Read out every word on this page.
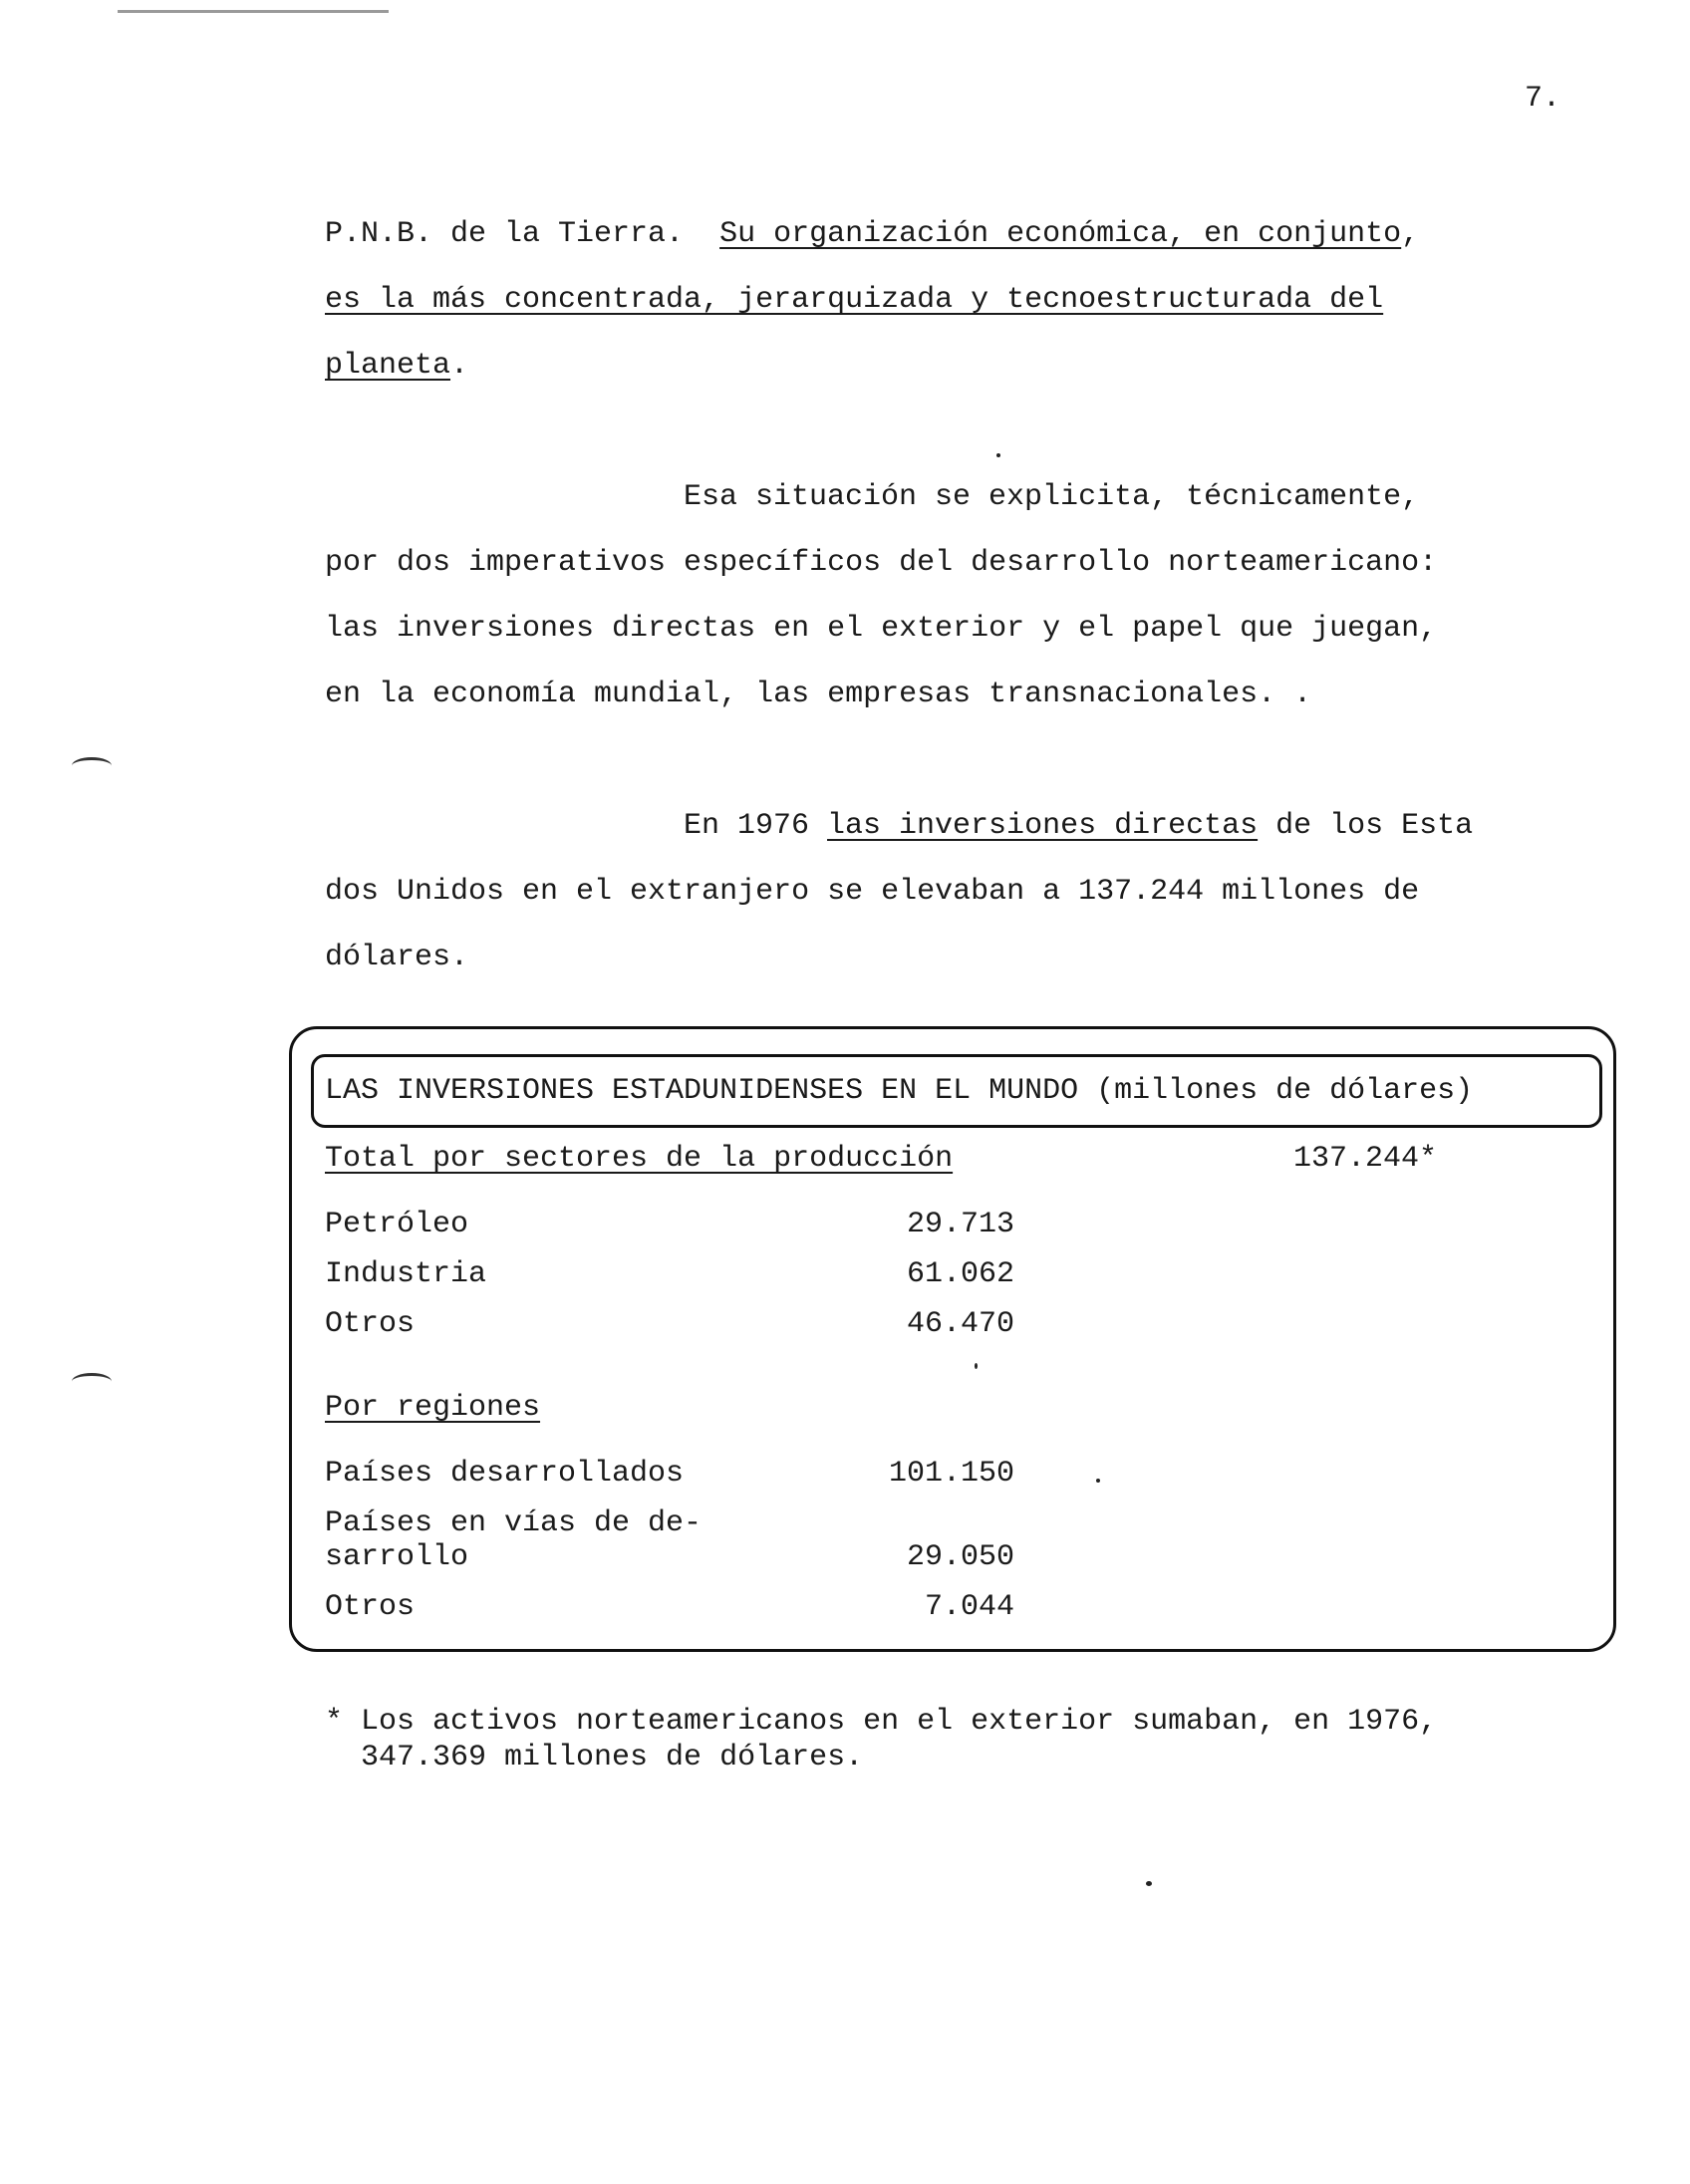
7.
P.N.B. de la Tierra.  Su organización económica, en conjunto,
es la más concentrada, jerarquizada y tecnoestructurada del
planeta.
Esa situación se explicita, técnicamente,
por dos imperativos específicos del desarrollo norteamericano:
las inversiones directas en el exterior y el papel que juegan,
en la economía mundial, las empresas transnacionales. .
En 1976 las inversiones directas de los Esta
dos Unidos en el extranjero se elevaban a 137.244 millones de
dólares.
LAS INVERSIONES ESTADUNIDENSES EN EL MUNDO (millones de dólares)
Total por sectores de la producción	137.244*
Petróleo	29.713
Industria	61.062
Otros	46.470
Por regiones
Países desarrollados	101.150
Países en vías de de-
sarrollo	29.050
Otros	7.044
* Los activos norteamericanos en el exterior sumaban, en 1976,
347.369 millones de dólares.
